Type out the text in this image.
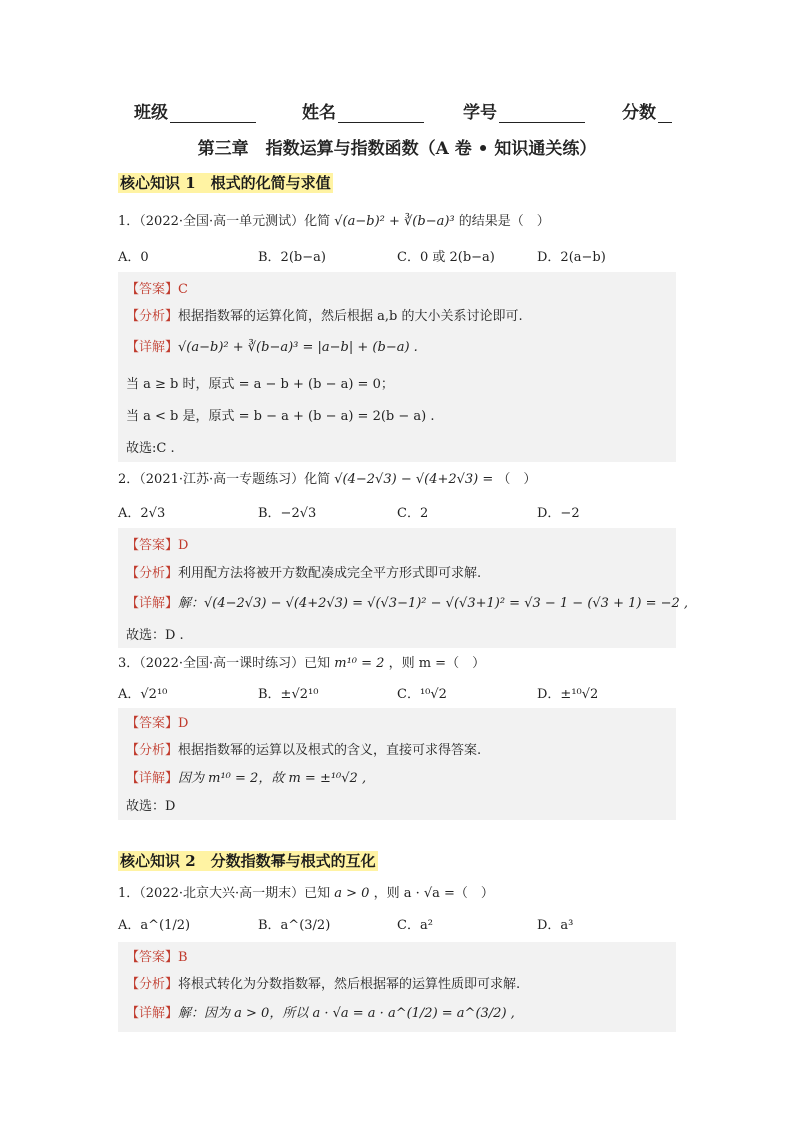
班级	姓名	学号	分数
第三章　指数运算与指数函数（A 卷 • 知识通关练）
核心知识 1　根式的化简与求值
1．（2022·全国·高一单元测试）化简 √(a−b)² + ∛(b−a)³ 的结果是（　）
A．0	B．2(b−a)	C．0 或 2(b−a)	D．2(a−b)
【答案】C
【分析】根据指数幂的运算化简，然后根据 a,b 的大小关系讨论即可.
【详解】√(a−b)² + ∛(b−a)³ = |a−b| + (b−a) .
当 a ≥ b 时，原式 = a − b + (b − a) = 0；
当 a < b 是，原式 = b − a + (b − a) = 2(b − a) .
故选:C .
2．（2021·江苏·高一专题练习）化简 √(4−2√3) − √(4+2√3) = （　）
A．2√3	B．−2√3	C．2	D．−2
【答案】D
【分析】利用配方法将被开方数配凑成完全平方形式即可求解.
【详解】解：√(4−2√3) − √(4+2√3) = √(√3−1)² − √(√3+1)² = √3 − 1 − (√3 + 1) = −2 ,
故选：D .
3．（2022·全国·高一课时练习）已知 m¹⁰ = 2 ，则 m =（　）
A．√2¹⁰	B．±√2¹⁰	C．¹⁰√2	D．±¹⁰√2
【答案】D
【分析】根据指数幂的运算以及根式的含义，直接可求得答案.
【详解】因为 m¹⁰ = 2，故 m = ±¹⁰√2 ,
故选：D
核心知识 2　分数指数幂与根式的互化
1．（2022·北京大兴·高一期末）已知 a > 0 ，则 a · √a =（　）
A．a^(1/2)	B．a^(3/2)	C．a²	D．a³
【答案】B
【分析】将根式转化为分数指数幂，然后根据幂的运算性质即可求解.
【详解】解：因为 a > 0，所以 a · √a = a · a^(1/2) = a^(3/2) ,
